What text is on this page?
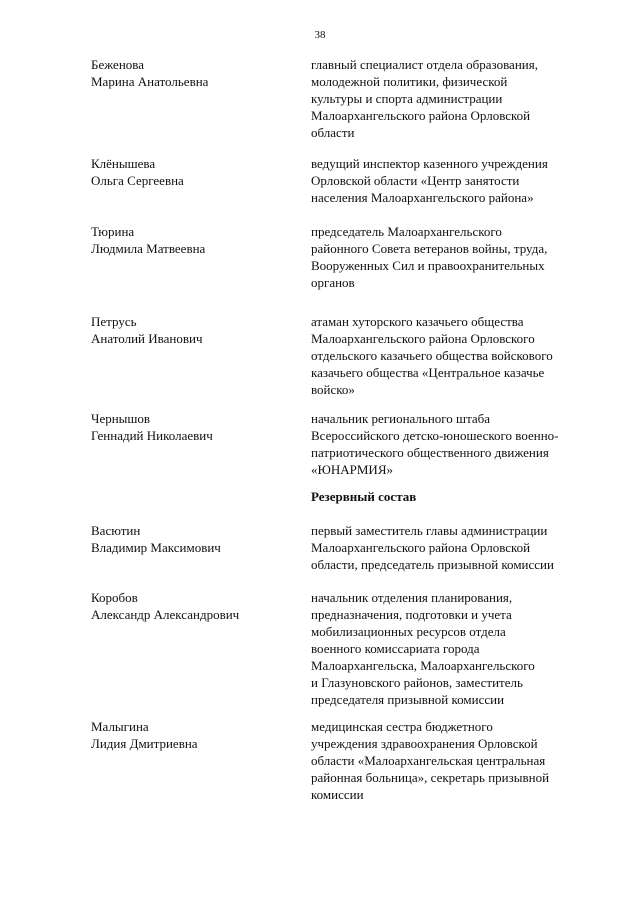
38
Беженова
Марина Анатольевна
главный специалист отдела образования,
молодежной политики, физической
культуры и спорта администрации
Малоархангельского района Орловской
области
Клёнышева
Ольга Сергеевна
ведущий инспектор казенного учреждения
Орловской области «Центр занятости
населения Малоархангельского района»
Тюрина
Людмила Матвеевна
председатель Малоархангельского
районного Совета ветеранов войны, труда,
Вооруженных Сил и правоохранительных
органов
Петрусь
Анатолий Иванович
атаман хуторского казачьего общества
Малоархангельского района Орловского
отдельского казачьего общества войскового
казачьего общества «Центральное казачье
войско»
Чернышов
Геннадий Николаевич
начальник регионального штаба
Всероссийского детско-юношеского военно-
патриотического общественного движения
«ЮНАРМИЯ»
Резервный состав
Васютин
Владимир Максимович
первый заместитель главы администрации
Малоархангельского района Орловской
области, председатель призывной комиссии
Коробов
Александр Александрович
начальник отделения планирования,
предназначения, подготовки и учета
мобилизационных ресурсов отдела
военного комиссариата города
Малоархангельска, Малоархангельского
и Глазуновского районов, заместитель
председателя призывной комиссии
Малыгина
Лидия Дмитриевна
медицинская сестра бюджетного
учреждения здравоохранения Орловской
области «Малоархангельская центральная
районная больница», секретарь призывной
комиссии
